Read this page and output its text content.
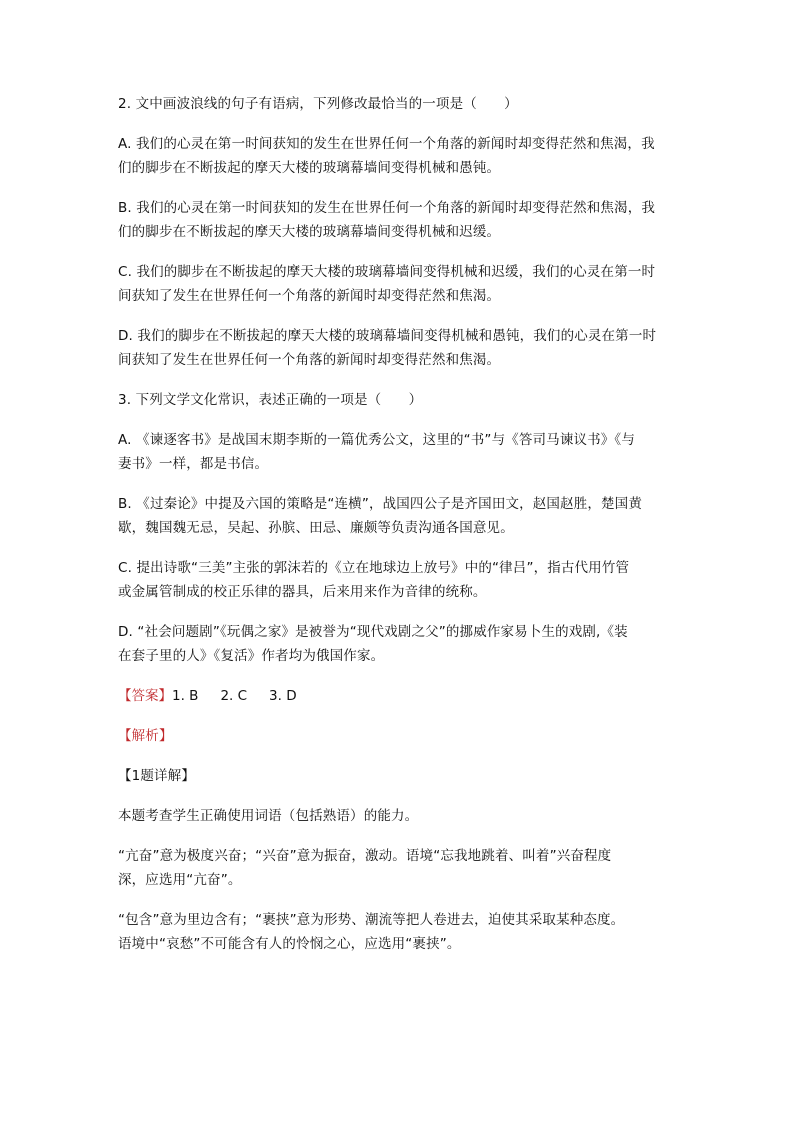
2. 文中画波浪线的句子有语病，下列修改最恰当的一项是（　　）
A. 我们的心灵在第一时间获知的发生在世界任何一个角落的新闻时却变得茫然和焦渴，我
们的脚步在不断拔起的摩天大楼的玻璃幕墙间变得机械和愚钝。
B. 我们的心灵在第一时间获知的发生在世界任何一个角落的新闻时却变得茫然和焦渴，我
们的脚步在不断拔起的摩天大楼的玻璃幕墙间变得机械和迟缓。
C. 我们的脚步在不断拔起的摩天大楼的玻璃幕墙间变得机械和迟缓，我们的心灵在第一时
间获知了发生在世界任何一个角落的新闻时却变得茫然和焦渴。
D. 我们的脚步在不断拔起的摩天大楼的玻璃幕墙间变得机械和愚钝，我们的心灵在第一时
间获知了发生在世界任何一个角落的新闻时却变得茫然和焦渴。
3. 下列文学文化常识，表述正确的一项是（　　）
A. 《谏逐客书》是战国末期李斯的一篇优秀公文，这里的“书”与《答司马谏议书》《与
妻书》一样，都是书信。
B. 《过秦论》中提及六国的策略是“连横”，战国四公子是齐国田文，赵国赵胜，楚国黄
歇，魏国魏无忌，吴起、孙膑、田忌、廉颇等负责沟通各国意见。
C. 提出诗歌“三美”主张的郭沫若的《立在地球边上放号》中的“律吕”，指古代用竹管
或金属管制成的校正乐律的器具，后来用来作为音律的统称。
D. “社会问题剧”《玩偶之家》是被誉为“现代戏剧之父”的挪威作家易卜生的戏剧,《装
在套子里的人》《复活》作者均为俄国作家。
【答案】1. B 2. C 3. D
【解析】
【1题详解】
本题考查学生正确使用词语（包括熟语）的能力。
“亢奋”意为极度兴奋；“兴奋”意为振奋，激动。语境“忘我地跳着、叫着”兴奋程度
深，应选用“亢奋”。
“包含”意为里边含有；“裹挟”意为形势、潮流等把人卷进去，迫使其采取某种态度。
语境中“哀愁”不可能含有人的怜悯之心，应选用“裹挟”。
